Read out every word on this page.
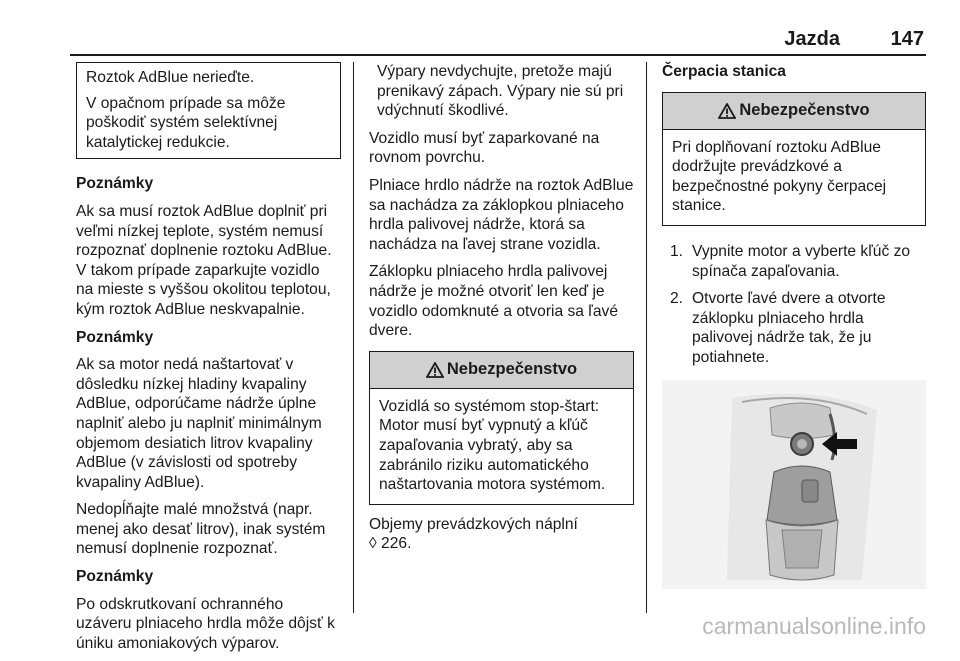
Jazda	147

Roztok AdBlue nerieďte.

V opačnom prípade sa môže poškodiť systém selektívnej katalytickej redukcie.

Poznámky

Ak sa musí roztok AdBlue doplniť pri veľmi nízkej teplote, systém nemusí rozpoznať doplnenie roztoku AdBlue. V takom prípade zaparkujte vozidlo na mieste s vyššou okolitou teplotou, kým roztok AdBlue neskvapalnie.

Poznámky

Ak sa motor nedá naštartovať v dôsledku nízkej hladiny kvapaliny AdBlue, odporúčame nádrže úplne naplniť alebo ju naplniť minimálnym objemom desiatich litrov kvapaliny AdBlue (v závislosti od spotreby kvapaliny AdBlue).

Nedopĺňajte malé množstvá (napr. menej ako desať litrov), inak systém nemusí doplnenie rozpoznať.

Poznámky

Po odskrutkovaní ochranného uzáveru plniaceho hrdla môže dôjsť k úniku amoniakových výparov.

Výpary nevdychujte, pretože majú prenikavý zápach. Výpary nie sú pri vdýchnutí škodlivé.

Vozidlo musí byť zaparkované na rovnom povrchu.

Plniace hrdlo nádrže na roztok AdBlue sa nachádza za záklopkou plniaceho hrdla palivovej nádrže, ktorá sa nachádza na ľavej strane vozidla.

Záklopku plniaceho hrdla palivovej nádrže je možné otvoriť len keď je vozidlo odomknuté a otvoria sa ľavé dvere.

Nebezpečenstvo
Vozidlá so systémom stop-štart: Motor musí byť vypnutý a kľúč zapaľovania vybratý, aby sa zabránilo riziku automatického naštartovania motora systémom.

Objemy prevádzkových náplní

◊ 226.

Čerpacia stanica

Nebezpečenstvo
Pri doplňovaní roztoku AdBlue dodržujte prevádzkové a bezpečnostné pokyny čerpacej stanice.
1. Vypnite motor a vyberte kľúč zo spínača zapaľovania.
2. Otvorte ľavé dvere a otvorte záklopku plniaceho hrdla palivovej nádrže tak, že ju potiahnete.
carmanualsonline.info
